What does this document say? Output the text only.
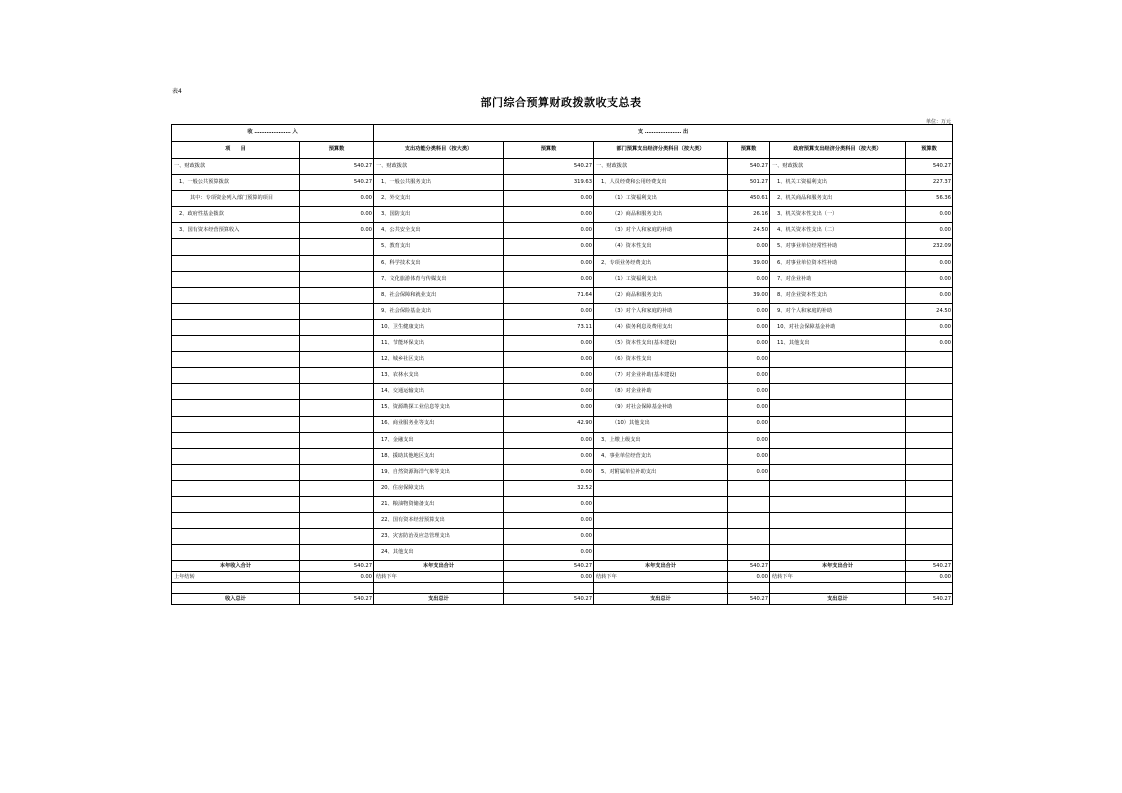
表4
部门综合预算财政拨款收支总表
单位：万元
收 ………………… 入		支 ………………… 出					
项　　目	预算数	支出功能分类科目（按大类）	预算数	部门预算支出经济分类科目（按大类）	预算数	政府预算支出经济分类科目（按大类）	预算数
一、财政拨款	540.27	一、财政拨款	540.27	一、财政拨款	540.27	一、财政拨款	540.27
1、一般公共预算拨款	540.27	1、一般公共服务支出	319.63	1、人员经费和公用经费支出	501.27	1、机关工资福利支出	227.37
其中：专项资金列入部门预算的项目	0.00	2、外交支出	0.00	（1）工资福利支出	450.61	2、机关商品和服务支出	56.36
2、政府性基金拨款	0.00	3、国防支出	0.00	（2）商品和服务支出	26.16	3、机关资本性支出（一）	0.00
3、国有资本经营预算收入	0.00	4、公共安全支出	0.00	（3）对个人和家庭的补助	24.50	4、机关资本性支出（二）	0.00
		5、教育支出	0.00	（4）资本性支出	0.00	5、对事业单位经常性补助	232.09
		6、科学技术支出	0.00	2、专项业务经费支出	39.00	6、对事业单位资本性补助	0.00
		7、文化旅游体育与传媒支出	0.00	（1）工资福利支出	0.00	7、对企业补助	0.00
		8、社会保障和就业支出	71.64	（2）商品和服务支出	39.00	8、对企业资本性支出	0.00
		9、社会保险基金支出	0.00	（3）对个人和家庭的补助	0.00	9、对个人和家庭的补助	24.50
		10、卫生健康支出	73.11	（4）债务利息及费用支出	0.00	10、对社会保障基金补助	0.00
		11、节能环保支出	0.00	（5）资本性支出(基本建设)	0.00	11、其他支出	0.00
		12、城乡社区支出	0.00	（6）资本性支出	0.00		
		13、农林水支出	0.00	（7）对企业补助(基本建设)	0.00		
		14、交通运输支出	0.00	（8）对企业补助	0.00		
		15、资源勘探工业信息等支出	0.00	（9）对社会保障基金补助	0.00		
		16、商业服务业等支出	42.90	（10）其他支出	0.00		
		17、金融支出	0.00	3、上缴上级支出	0.00		
		18、援助其他地区支出	0.00	4、事业单位经营支出	0.00		
		19、自然资源海洋气象等支出	0.00	5、对附属单位补助支出	0.00		
		20、住房保障支出	32.52				
		21、粮油物资储备支出	0.00				
		22、国有资本经营预算支出	0.00				
		23、灾害防治及应急管理支出	0.00				
		24、其他支出	0.00				
本年收入合计	540.27	本年支出合计	540.27	本年支出合计	540.27	本年支出合计	540.27
上年结转	0.00	结转下年	0.00	结转下年	0.00	结转下年	0.00

收入总计	540.27	支出总计	540.27	支出总计	540.27	支出总计	540.27
